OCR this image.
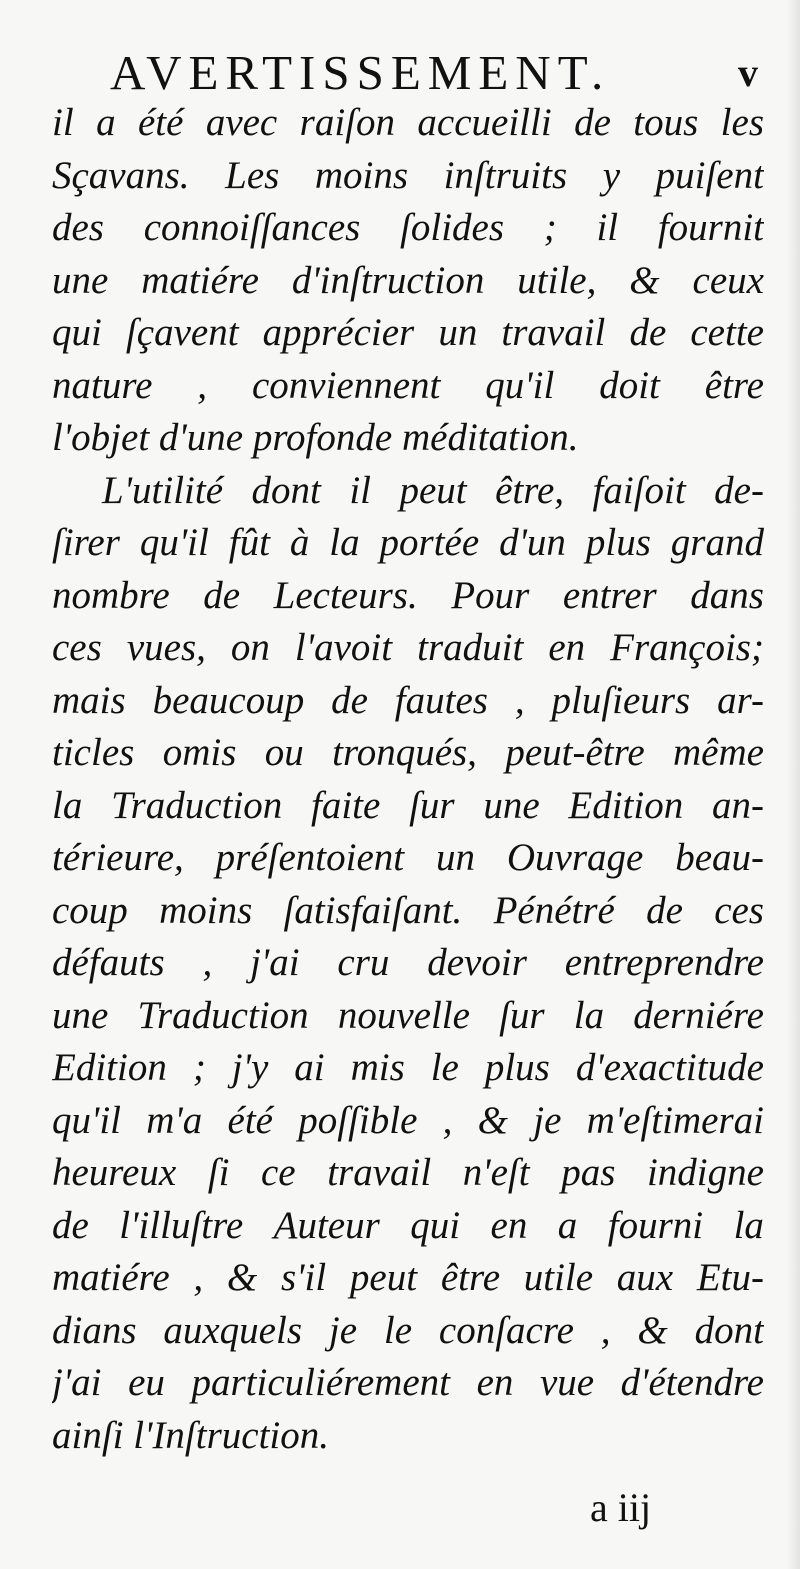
AVERTISSEMENT.	v
il a été avec raiſon accueilli de tous les
Sçavans. Les moins inſtruits y puiſent
des connoiſſances ſolides ; il fournit
une matiére d'inſtruction utile, & ceux
qui ſçavent apprécier un travail de cette
nature , conviennent qu'il doit être
l'objet d'une profonde méditation.
L'utilité dont il peut être, faiſoit de-
ſirer qu'il fût à la portée d'un plus grand
nombre de Lecteurs. Pour entrer dans
ces vues, on l'avoit traduit en François;
mais beaucoup de fautes , pluſieurs ar-
ticles omis ou tronqués, peut-être même
la Traduction faite ſur une Edition an-
térieure, préſentoient un Ouvrage beau-
coup moins ſatisfaiſant. Pénétré de ces
défauts , j'ai cru devoir entreprendre
une Traduction nouvelle ſur la derniére
Edition ; j'y ai mis le plus d'exactitude
qu'il m'a été poſſible , & je m'eſtimerai
heureux ſi ce travail n'eſt pas indigne
de l'illuſtre Auteur qui en a fourni la
matiére , & s'il peut être utile aux Etu-
dians auxquels je le conſacre , & dont
j'ai eu particuliérement en vue d'étendre
ainſi l'Inſtruction.
a iij
